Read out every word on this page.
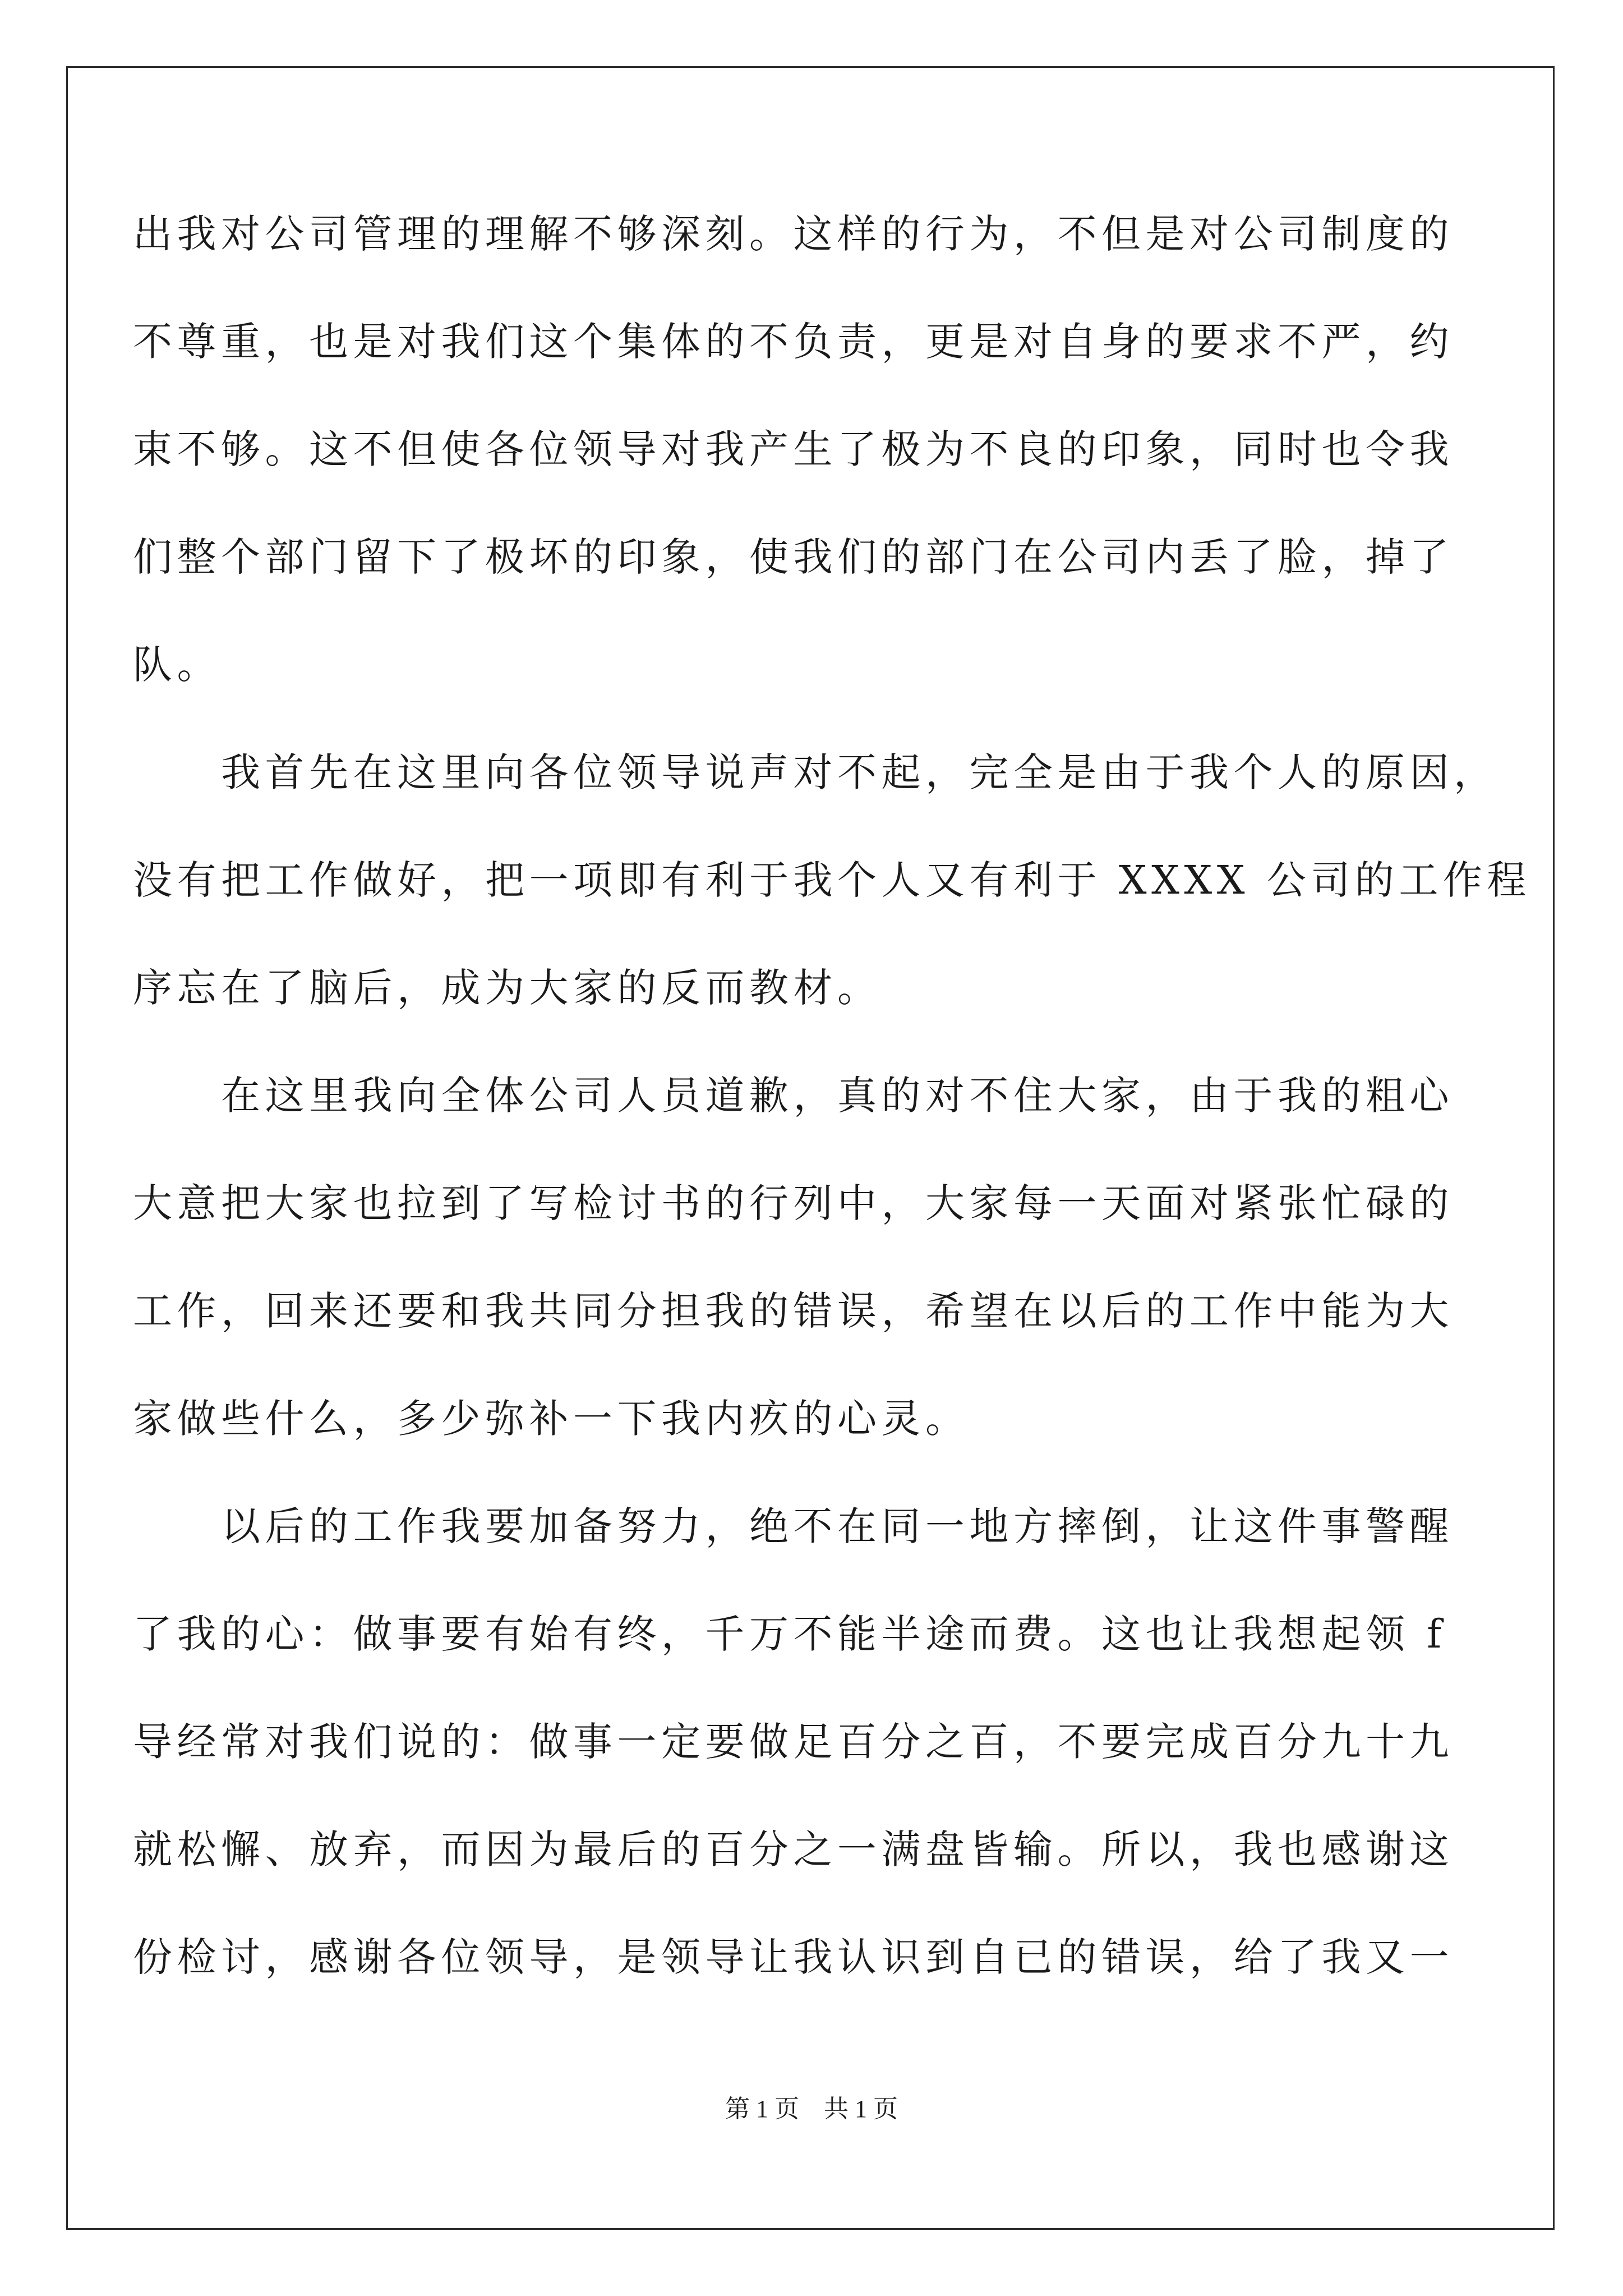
出我对公司管理的理解不够深刻。这样的行为，不但是对公司制度的
不尊重，也是对我们这个集体的不负责，更是对自身的要求不严，约
束不够。这不但使各位领导对我产生了极为不良的印象，同时也令我
们整个部门留下了极坏的印象，使我们的部门在公司内丢了脸，掉了
队。
　　我首先在这里向各位领导说声对不起，完全是由于我个人的原因，
没有把工作做好，把一项即有利于我个人又有利于 XXXX 公司的工作程
序忘在了脑后，成为大家的反而教材。
　　在这里我向全体公司人员道歉，真的对不住大家，由于我的粗心
大意把大家也拉到了写检讨书的行列中，大家每一天面对紧张忙碌的
工作，回来还要和我共同分担我的错误，希望在以后的工作中能为大
家做些什么，多少弥补一下我内疚的心灵。
　　以后的工作我要加备努力，绝不在同一地方摔倒，让这件事警醒
了我的心：做事要有始有终，千万不能半途而费。这也让我想起领 f
导经常对我们说的：做事一定要做足百分之百，不要完成百分九十九
就松懈、放弃，而因为最后的百分之一满盘皆输。所以，我也感谢这
份检讨，感谢各位领导，是领导让我认识到自已的错误，给了我又一
第 1 页　共 1 页
